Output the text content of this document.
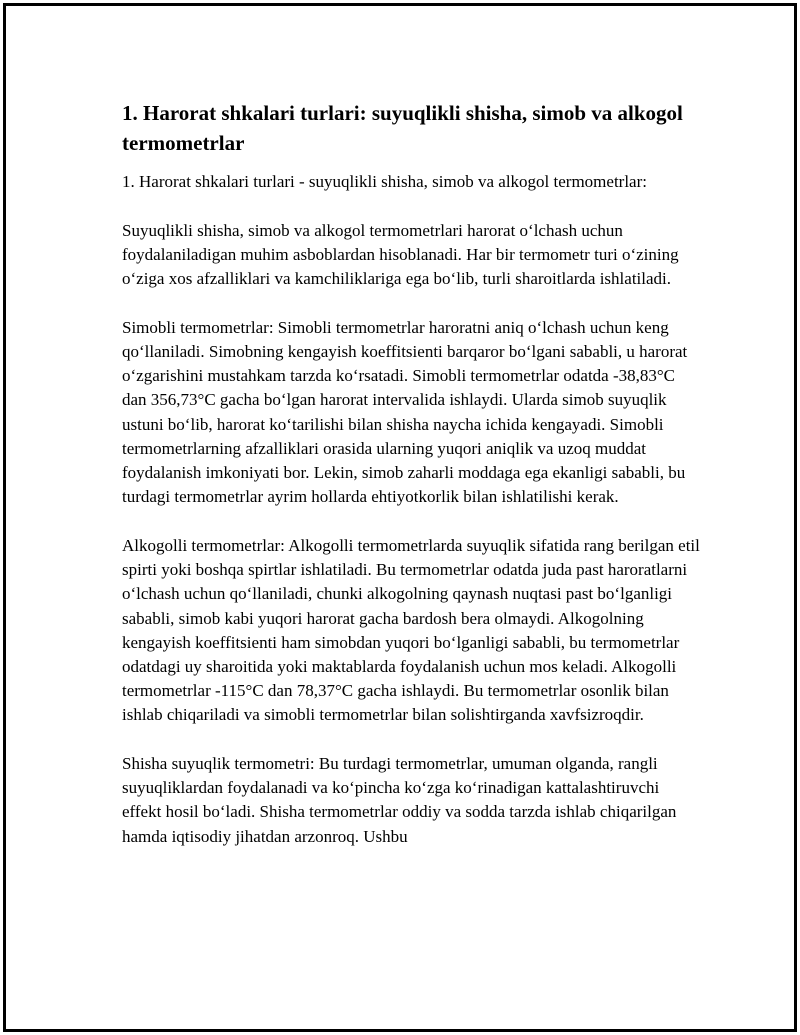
1. Harorat shkalari turlari: suyuqlikli shisha, simob va alkogol termometrlar

1. Harorat shkalari turlari - suyuqlikli shisha, simob va alkogol termometrlar:

Suyuqlikli shisha, simob va alkogol termometrlari harorat o‘lchash uchun foydalaniladigan muhim asboblardan hisoblanadi. Har bir termometr turi o‘zining o‘ziga xos afzalliklari va kamchiliklariga ega bo‘lib, turli sharoitlarda ishlatiladi.

Simobli termometrlar: Simobli termometrlar haroratni aniq o‘lchash uchun keng qo‘llaniladi. Simobning kengayish koeffitsienti barqaror bo‘lgani sababli, u harorat o‘zgarishini mustahkam tarzda ko‘rsatadi. Simobli termometrlar odatda -38,83°C dan 356,73°C gacha bo‘lgan harorat intervalida ishlaydi. Ularda simob suyuqlik ustuni bo‘lib, harorat ko‘tarilishi bilan shisha naycha ichida kengayadi. Simobli termometrlarning afzalliklari orasida ularning yuqori aniqlik va uzoq muddat foydalanish imkoniyati bor. Lekin, simob zaharli moddaga ega ekanligi sababli, bu turdagi termometrlar ayrim hollarda ehtiyotkorlik bilan ishlatilishi kerak.

Alkogolli termometrlar: Alkogolli termometrlarda suyuqlik sifatida rang berilgan etil spirti yoki boshqa spirtlar ishlatiladi. Bu termometrlar odatda juda past haroratlarni o‘lchash uchun qo‘llaniladi, chunki alkogolning qaynash nuqtasi past bo‘lganligi sababli, simob kabi yuqori harorat gacha bardosh bera olmaydi. Alkogolning kengayish koeffitsienti ham simobdan yuqori bo‘lganligi sababli, bu termometrlar odatdagi uy sharoitida yoki maktablarda foydalanish uchun mos keladi. Alkogolli termometrlar -115°C dan 78,37°C gacha ishlaydi. Bu termometrlar osonlik bilan ishlab chiqariladi va simobli termometrlar bilan solishtirganda xavfsizroqdir.

Shisha suyuqlik termometri: Bu turdagi termometrlar, umuman olganda, rangli suyuqliklardan foydalanadi va ko‘pincha ko‘zga ko‘rinadigan kattalashtiruvchi effekt hosil bo‘ladi. Shisha termometrlar oddiy va sodda tarzda ishlab chiqarilgan hamda iqtisodiy jihatdan arzonroq. Ushbu
